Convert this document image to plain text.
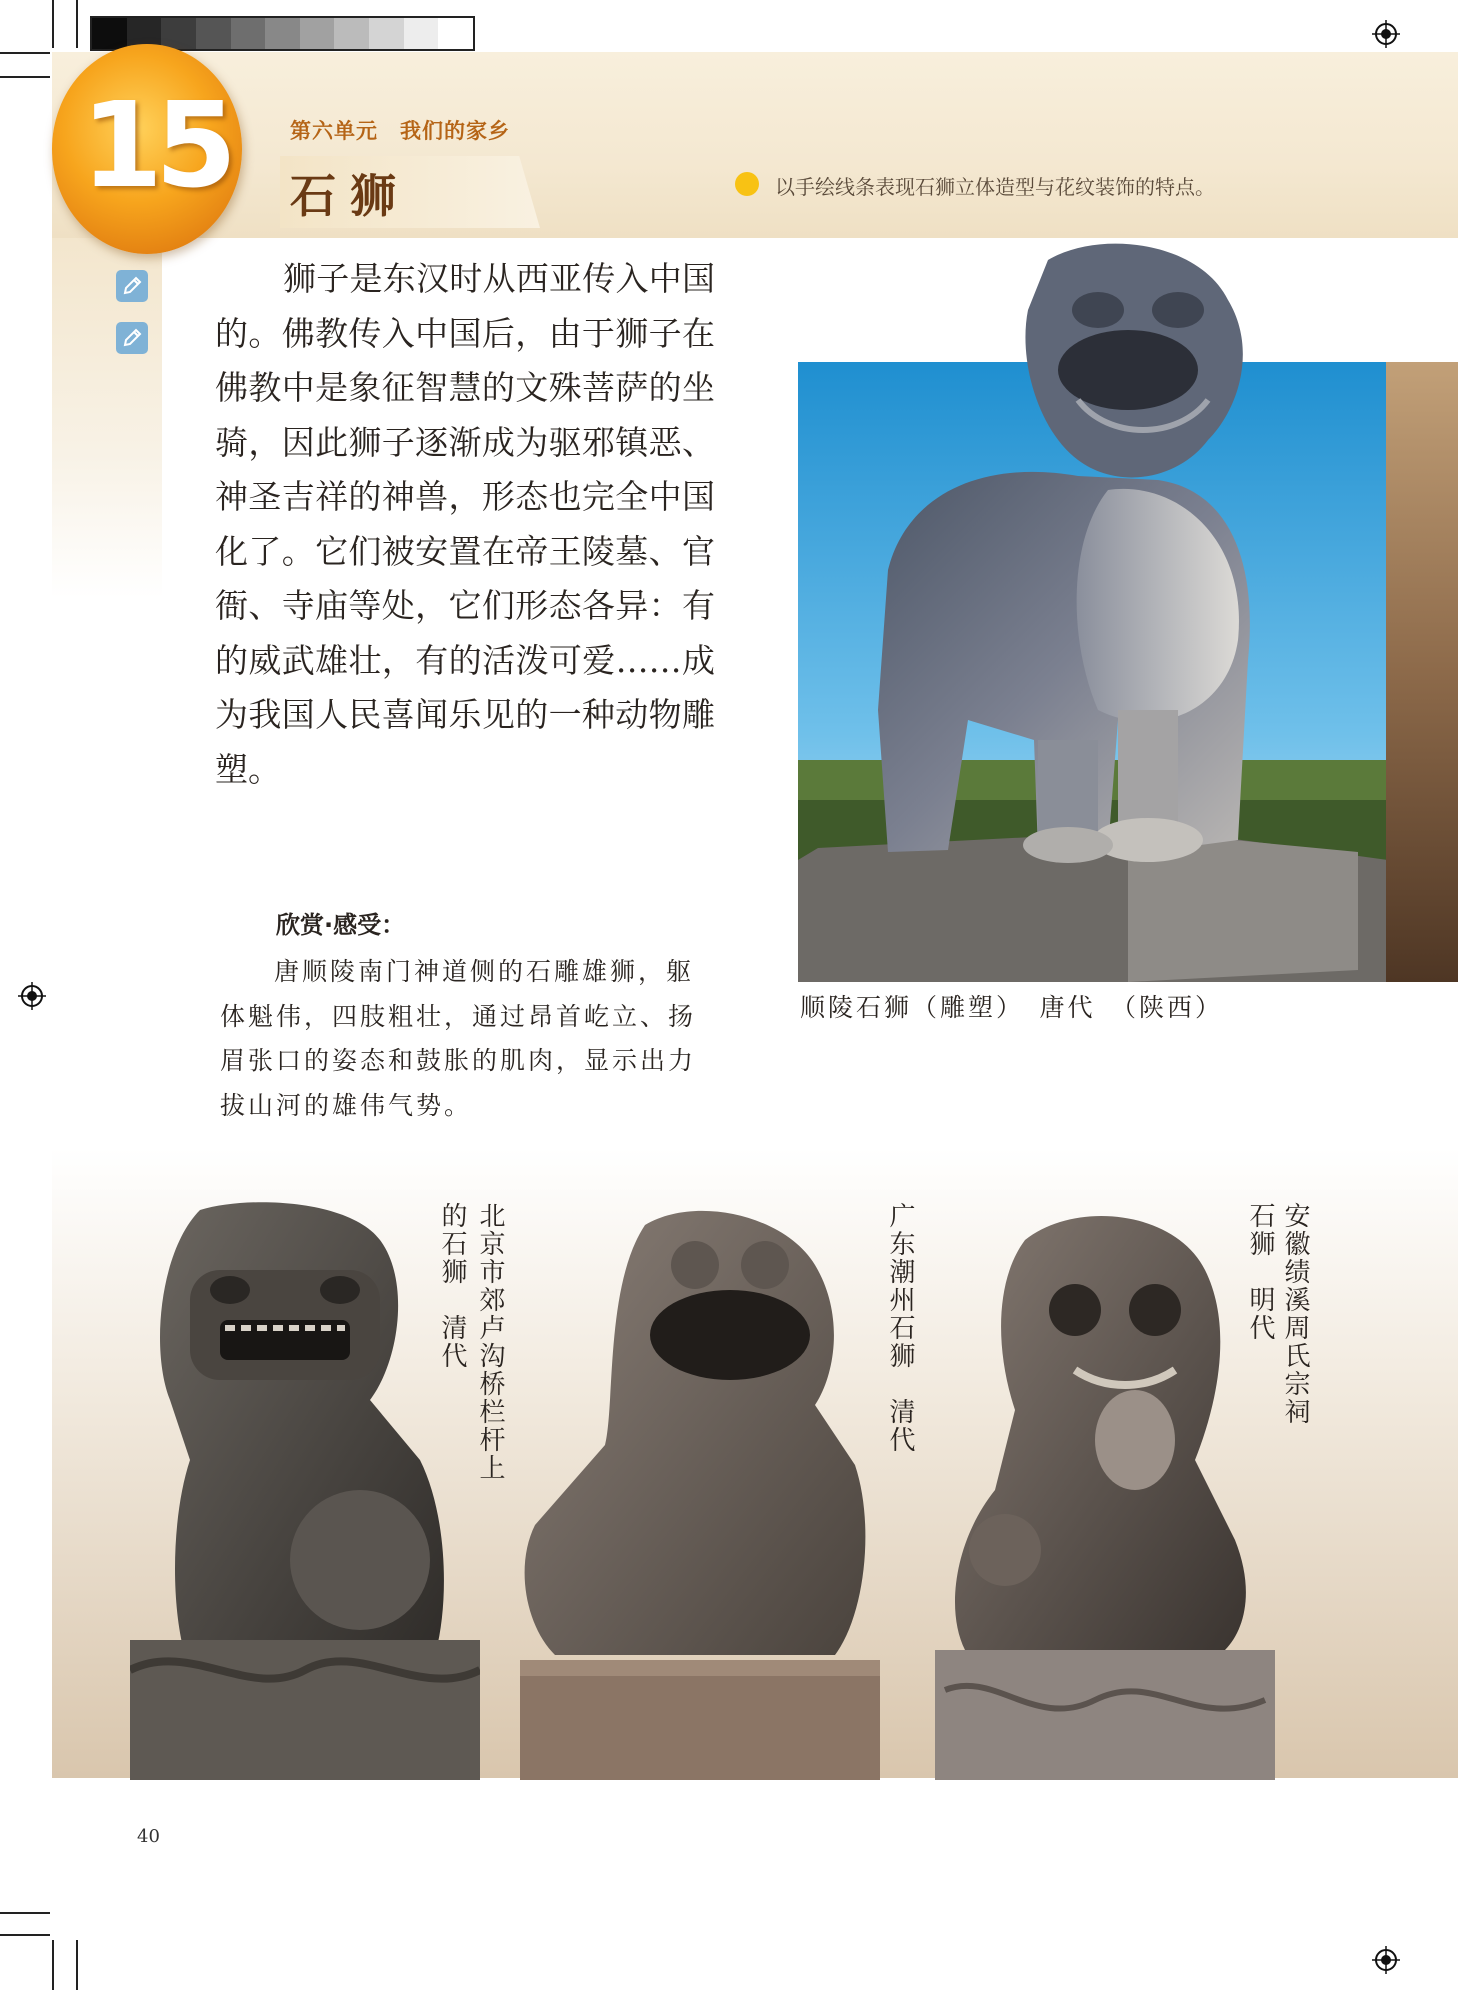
15	第六单元　我们的家乡
石狮	以手绘线条表现石狮立体造型与花纹装饰的特点。

狮子是东汉时从西亚传入中国的。佛教传入中国后，由于狮子在佛教中是象征智慧的文殊菩萨的坐骑，因此狮子逐渐成为驱邪镇恶、神圣吉祥的神兽，形态也完全中国化了。它们被安置在帝王陵墓、官衙、寺庙等处，它们形态各异：有的威武雄壮，有的活泼可爱……成为我国人民喜闻乐见的一种动物雕塑。

欣赏·感受：

唐顺陵南门神道侧的石雕雄狮，躯体魁伟，四肢粗壮，通过昂首屹立、扬眉张口的姿态和鼓胀的肌肉，显示出力拔山河的雄伟气势。

顺陵石狮（雕塑）　唐代　（陕西）
北京市郊卢沟桥栏杆上
的石狮　清代	广东潮州石狮　清代	安徽绩溪周氏宗祠
石狮　明代
40
